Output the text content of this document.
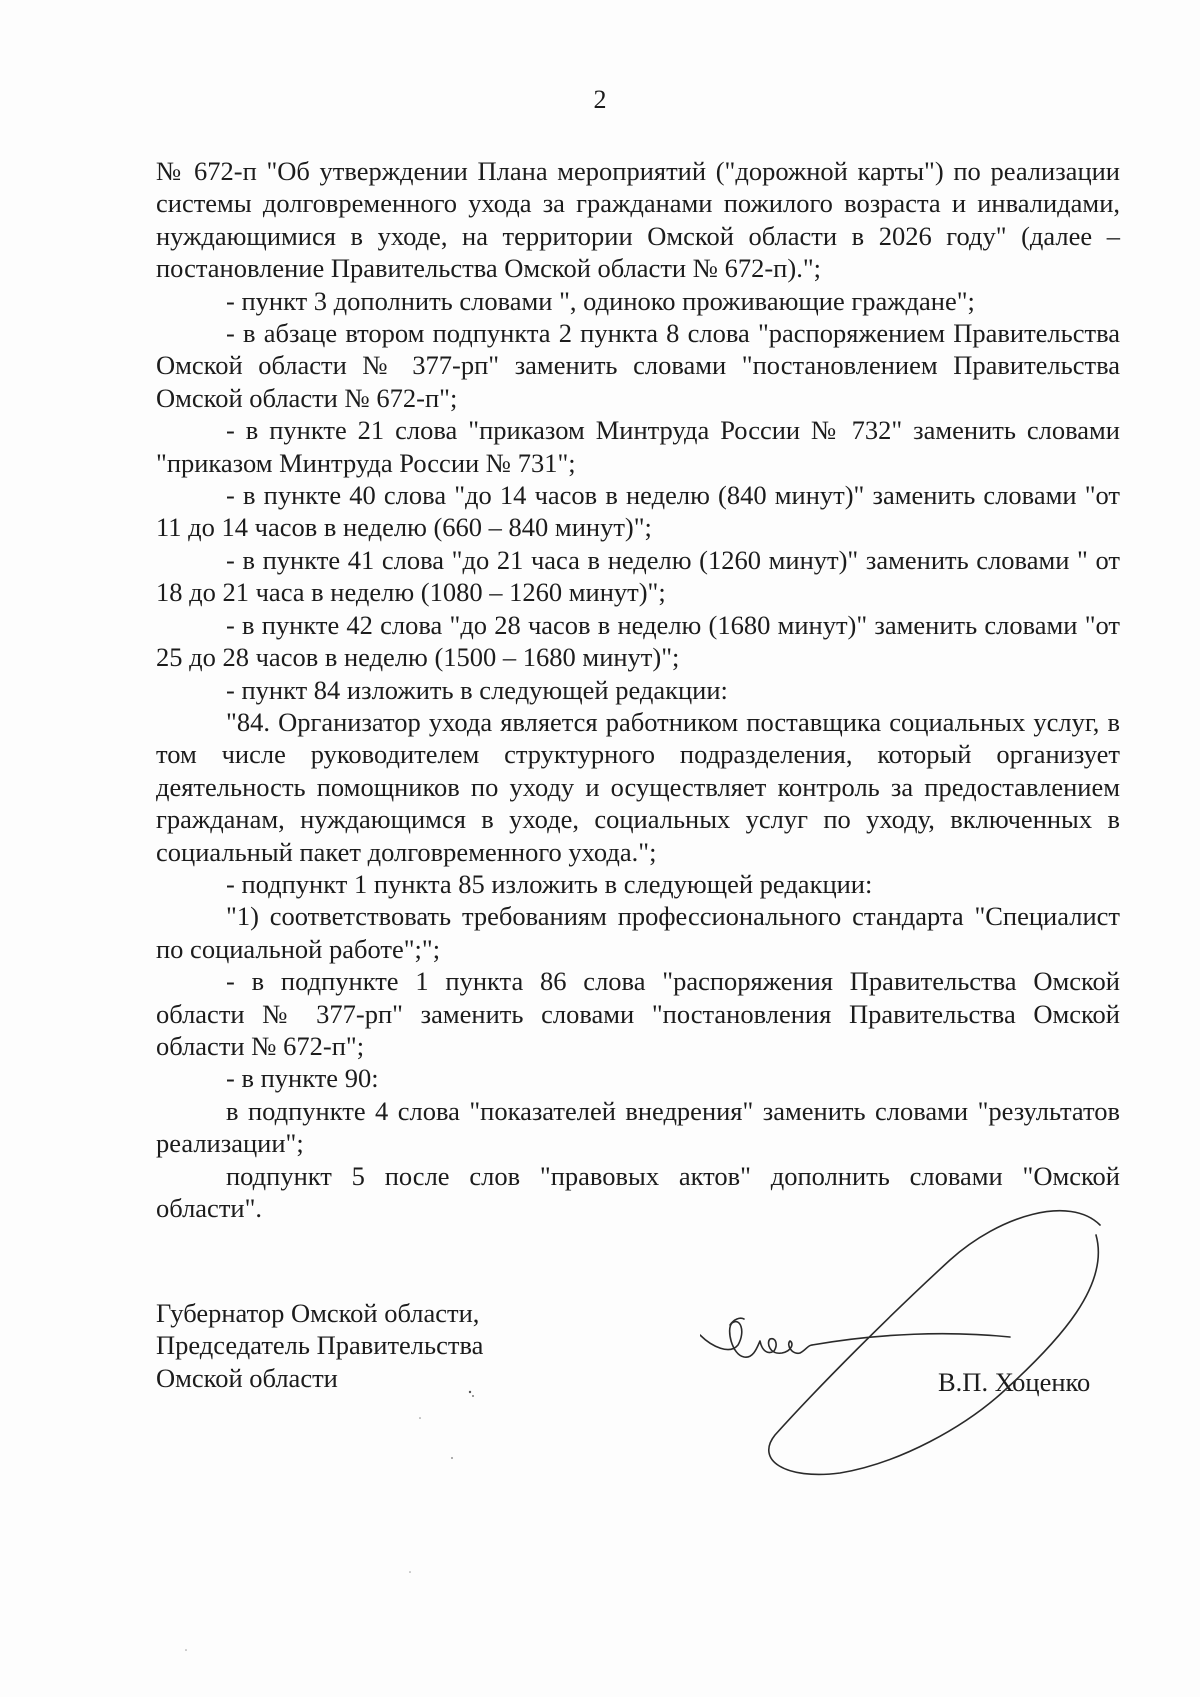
2

№ 672-п "Об утверждении Плана мероприятий ("дорожной карты") по реализации системы долговременного ухода за гражданами пожилого возраста и инвалидами, нуждающимися в уходе, на территории Омской области в 2026 году" (далее – постановление Правительства Омской области № 672-п).";

- пункт 3 дополнить словами ", одиноко проживающие граждане";

- в абзаце втором подпункта 2 пункта 8 слова "распоряжением Правительства Омской области № 377-рп" заменить словами "постановлением Правительства Омской области № 672-п";

- в пункте 21 слова "приказом Минтруда России № 732" заменить словами "приказом Минтруда России № 731";

- в пункте 40 слова "до 14 часов в неделю (840 минут)" заменить словами "от 11 до 14 часов в неделю (660 – 840 минут)";

- в пункте 41 слова "до 21 часа в неделю (1260 минут)" заменить словами " от 18 до 21 часа в неделю (1080 – 1260 минут)";

- в пункте 42 слова "до 28 часов в неделю (1680 минут)" заменить словами "от 25 до 28 часов в неделю (1500 – 1680 минут)";

- пункт 84 изложить в следующей редакции:

"84. Организатор ухода является работником поставщика социальных услуг, в том числе руководителем структурного подразделения, который организует деятельность помощников по уходу и осуществляет контроль за предоставлением гражданам, нуждающимся в уходе, социальных услуг по уходу, включенных в социальный пакет долговременного ухода.";

- подпункт 1 пункта 85 изложить в следующей редакции:

"1) соответствовать требованиям профессионального стандарта "Специалист по социальной работе";";

- в подпункте 1 пункта 86 слова "распоряжения Правительства Омской области № 377-рп" заменить словами "постановления Правительства Омской области № 672-п";

- в пункте 90:

в подпункте 4 слова "показателей внедрения" заменить словами "результатов реализации";

подпункт 5 после слов "правовых актов" дополнить словами "Омской области".

Губернатор Омской области,
Председатель Правительства
Омской области	В.П. Хоценко
